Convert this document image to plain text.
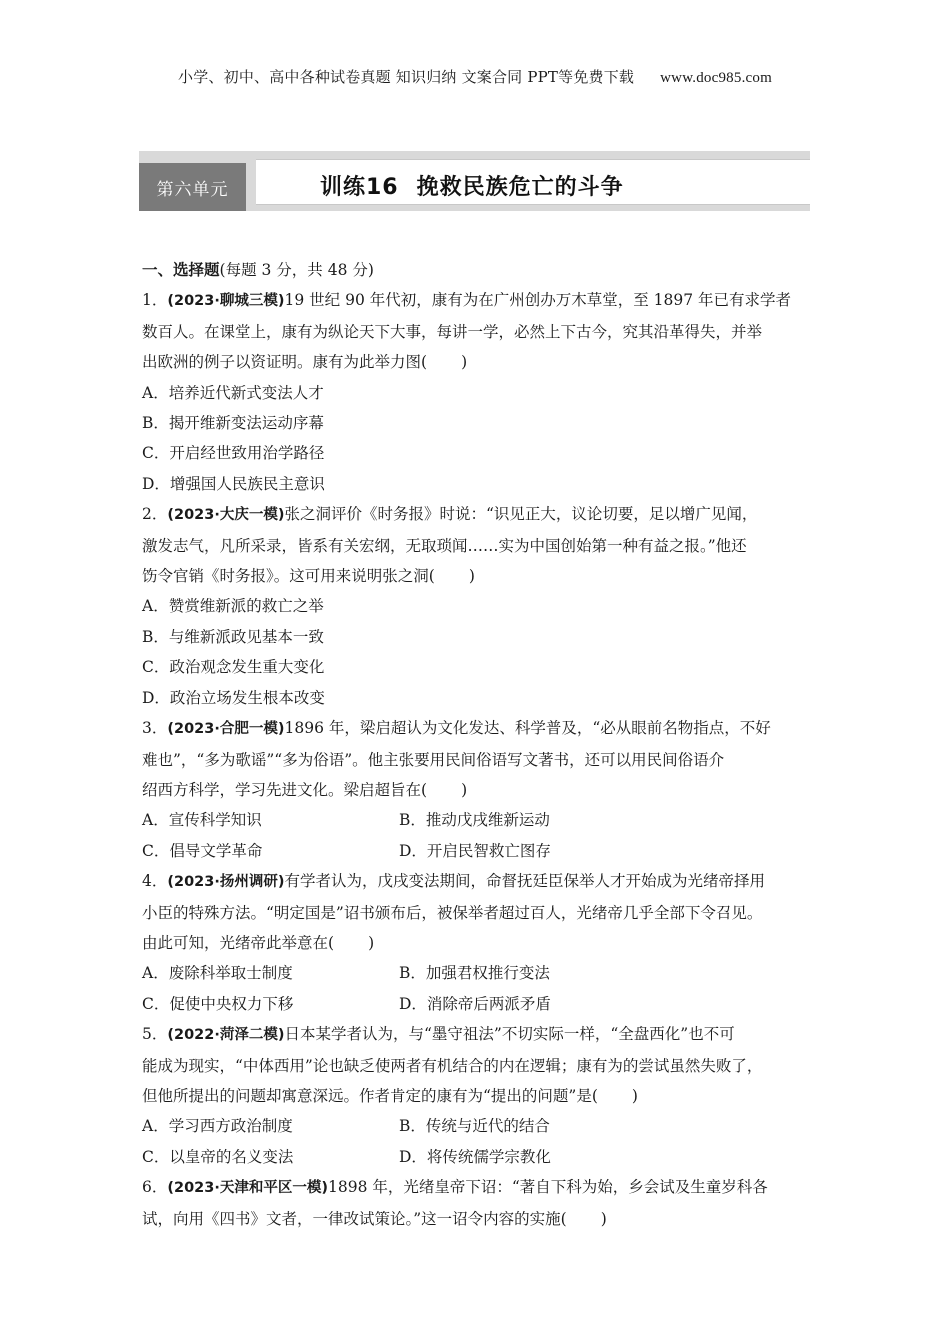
小学、初中、高中各种试卷真题 知识归纳 文案合同 PPT等免费下载 www.doc985.com
第六单元	训练16 挽救民族危亡的斗争

一、选择题(每题 3 分，共 48 分)

1．(2023·聊城三模)19 世纪 90 年代初，康有为在广州创办万木草堂，至 1897 年已有求学者

数百人。在课堂上，康有为纵论天下大事，每讲一学，必然上下古今，究其沿革得失，并举

出欧洲的例子以资证明。康有为此举力图( )

A．培养近代新式变法人才

B．揭开维新变法运动序幕

C．开启经世致用治学路径

D．增强国人民族民主意识

2．(2023·大庆一模)张之洞评价《时务报》时说：“识见正大，议论切要，足以增广见闻，

激发志气，凡所采录，皆系有关宏纲，无取琐闻……实为中国创始第一种有益之报。”他还

饬令官销《时务报》。这可用来说明张之洞( )

A．赞赏维新派的救亡之举

B．与维新派政见基本一致

C．政治观念发生重大变化

D．政治立场发生根本改变

3．(2023·合肥一模)1896 年，梁启超认为文化发达、科学普及，“必从眼前名物指点，不好

难也”，“多为歌谣”“多为俗语”。他主张要用民间俗语写文著书，还可以用民间俗语介

绍西方科学，学习先进文化。梁启超旨在( )

A．宣传科学知识	B．推动戊戌维新运动

C．倡导文学革命	D．开启民智救亡图存

4．(2023·扬州调研)有学者认为，戊戌变法期间，命督抚廷臣保举人才开始成为光绪帝择用

小臣的特殊方法。“明定国是”诏书颁布后，被保举者超过百人，光绪帝几乎全部下令召见。

由此可知，光绪帝此举意在( )

A．废除科举取士制度	B．加强君权推行变法

C．促使中央权力下移	D．消除帝后两派矛盾

5．(2022·菏泽二模)日本某学者认为，与“墨守祖法”不切实际一样，“全盘西化”也不可

能成为现实，“中体西用”论也缺乏使两者有机结合的内在逻辑；康有为的尝试虽然失败了，

但他所提出的问题却寓意深远。作者肯定的康有为“提出的问题”是( )

A．学习西方政治制度	B．传统与近代的结合

C．以皇帝的名义变法	D．将传统儒学宗教化

6．(2023·天津和平区一模)1898 年，光绪皇帝下诏：“著自下科为始，乡会试及生童岁科各

试，向用《四书》文者，一律改试策论。”这一诏令内容的实施( )
